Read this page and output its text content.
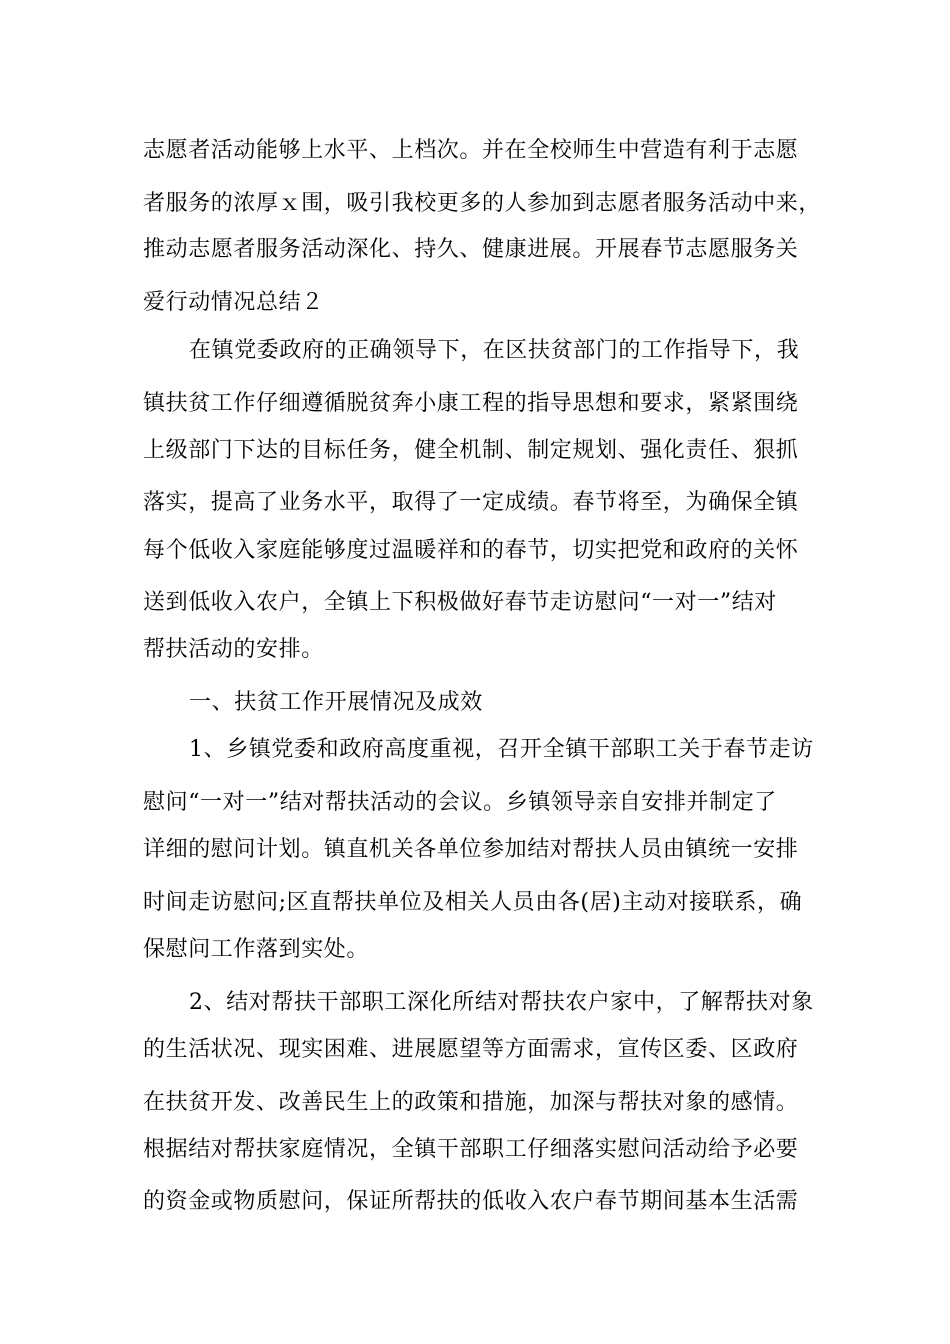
志愿者活动能够上水平、上档次。并在全校师生中营造有利于志愿
者服务的浓厚ｘ围，吸引我校更多的人参加到志愿者服务活动中来，
推动志愿者服务活动深化、持久、健康进展。开展春节志愿服务关
爱行动情况总结２
在镇党委政府的正确领导下，在区扶贫部门的工作指导下，我
镇扶贫工作仔细遵循脱贫奔小康工程的指导思想和要求，紧紧围绕
上级部门下达的目标任务，健全机制、制定规划、强化责任、狠抓
落实，提高了业务水平，取得了一定成绩。春节将至，为确保全镇
每个低收入家庭能够度过温暖祥和的春节，切实把党和政府的关怀
送到低收入农户，全镇上下积极做好春节走访慰问“一对一”结对
帮扶活动的安排。
一、扶贫工作开展情况及成效
1、乡镇党委和政府高度重视，召开全镇干部职工关于春节走访
慰问“一对一”结对帮扶活动的会议。乡镇领导亲自安排并制定了
详细的慰问计划。镇直机关各单位参加结对帮扶人员由镇统一安排
时间走访慰问;区直帮扶单位及相关人员由各(居)主动对接联系，确
保慰问工作落到实处。
2、结对帮扶干部职工深化所结对帮扶农户家中，了解帮扶对象
的生活状况、现实困难、进展愿望等方面需求，宣传区委、区政府
在扶贫开发、改善民生上的政策和措施，加深与帮扶对象的感情。
根据结对帮扶家庭情况，全镇干部职工仔细落实慰问活动给予必要
的资金或物质慰问，保证所帮扶的低收入农户春节期间基本生活需
